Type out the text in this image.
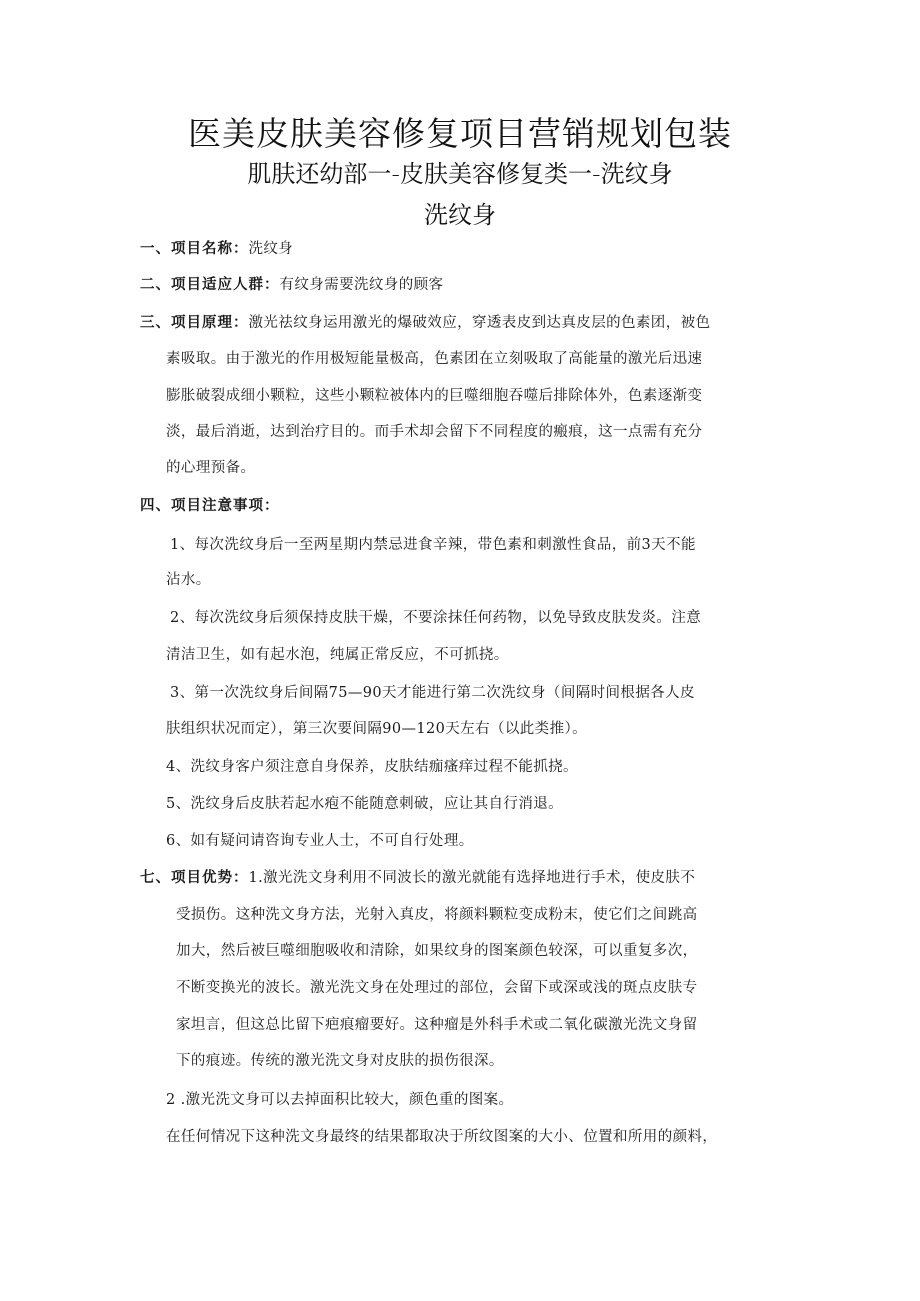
医美皮肤美容修复项目营销规划包装
肌肤还幼部一-皮肤美容修复类一-洗纹身
洗纹身
一、项目名称：洗纹身
二、项目适应人群：有纹身需要洗纹身的顾客
三、项目原理：激光祛纹身运用激光的爆破效应，穿透表皮到达真皮层的色素团，被色
素吸取。由于激光的作用极短能量极高，色素团在立刻吸取了高能量的激光后迅速
膨胀破裂成细小颗粒，这些小颗粒被体内的巨噬细胞吞噬后排除体外，色素逐渐变
淡，最后消逝，达到治疗目的。而手术却会留下不同程度的瘢痕，这一点需有充分
的心理预备。
四、项目注意事项：
1、每次洗纹身后一至两星期内禁忌进食辛辣，带色素和刺激性食品，前3天不能
沾水。
2、每次洗纹身后须保持皮肤干燥，不要涂抹任何药物，以免导致皮肤发炎。注意
清洁卫生，如有起水泡，纯属正常反应，不可抓挠。
3、第一次洗纹身后间隔75—90天才能进行第二次洗纹身（间隔时间根据各人皮
肤组织状况而定），第三次要间隔90—120天左右（以此类推）。
4、洗纹身客户须注意自身保养，皮肤结痂瘙痒过程不能抓挠。
5、洗纹身后皮肤若起水疱不能随意刺破，应让其自行消退。
6、如有疑问请咨询专业人士，不可自行处理。
七、项目优势：1.激光洗文身利用不同波长的激光就能有选择地进行手术，使皮肤不
受损伤。这种洗文身方法，光射入真皮，将颜料颗粒变成粉末，使它们之间跳高
加大，然后被巨噬细胞吸收和清除，如果纹身的图案颜色较深，可以重复多次，
不断变换光的波长。激光洗文身在处理过的部位，会留下或深或浅的斑点皮肤专
家坦言，但这总比留下疤痕瘤要好。这种瘤是外科手术或二氧化碳激光洗文身留
下的痕迹。传统的激光洗文身对皮肤的损伤很深。
2 .激光洗文身可以去掉面积比较大，颜色重的图案。
在任何情况下这种洗文身最终的结果都取决于所纹图案的大小、位置和所用的颜料，
